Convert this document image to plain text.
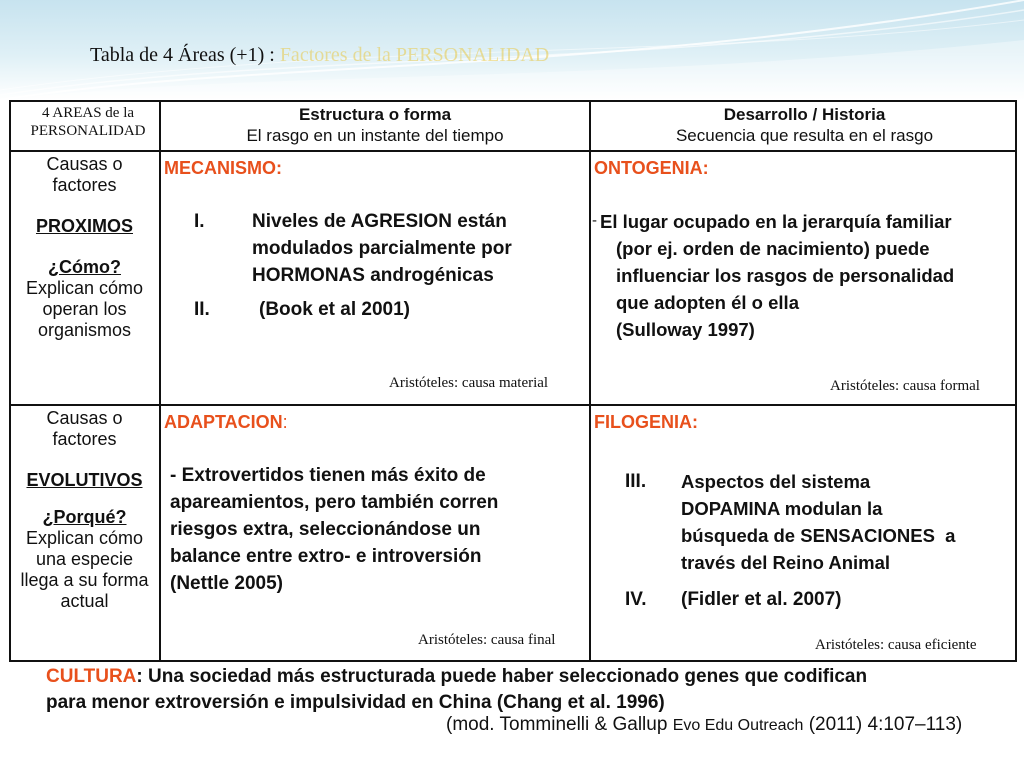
Tabla de 4 Áreas (+1) : Factores de la PERSONALIDAD
4 AREAS de la
PERSONALIDAD
Estructura o forma
El rasgo en un instante del tiempo
Desarrollo / Historia
Secuencia que resulta en el rasgo
Causas o
factores
PROXIMOS
¿Cómo?
Explican cómo
operan los
organismos
MECANISMO:
I. Niveles de AGRESION están
modulados parcialmente por
HORMONAS androgénicas
II.	(Book et al 2001)
Aristóteles: causa material
ONTOGENIA:
- El lugar ocupado en la jerarquía familiar
(por ej. orden de nacimiento) puede
influenciar los rasgos de personalidad
que adopten él o ella
(Sulloway 1997)
Aristóteles: causa formal
Causas o
factores
EVOLUTIVOS
¿Porqué?
Explican cómo
una especie
llega a su forma
actual
ADAPTACION:
- Extrovertidos tienen más éxito de
apareamientos, pero también corren
riesgos extra, seleccionándose un
balance entre extro- e introversión
(Nettle 2005)
Aristóteles: causa final
FILOGENIA:
III. Aspectos del sistema
DOPAMINA modulan la
búsqueda de SENSACIONES  a
través del Reino Animal
IV. (Fidler et al. 2007)
Aristóteles: causa eficiente
CULTURA: Una sociedad más estructurada puede haber seleccionado genes que codifican
para menor extroversión e impulsividad en China (Chang et al. 1996)
(mod. Tomminelli & Gallup Evo Edu Outreach (2011) 4:107–113)
